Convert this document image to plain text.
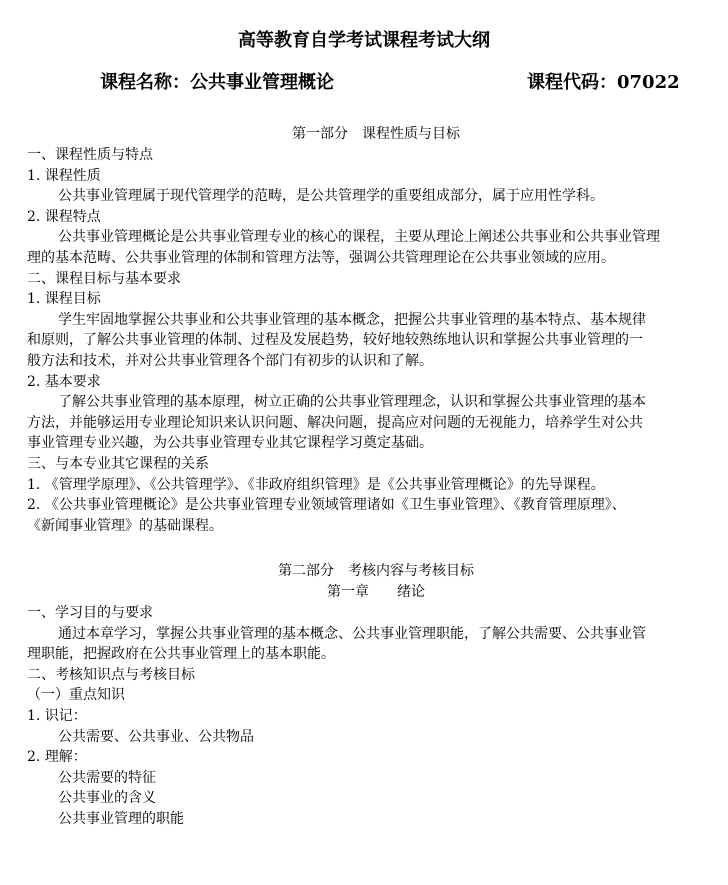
高等教育自学考试课程考试大纲
课程名称：公共事业管理概论	课程代码：07022
第一部分　课程性质与目标
一、课程性质与特点
1. 课程性质
公共事业管理属于现代管理学的范畴，是公共管理学的重要组成部分，属于应用性学科。
2. 课程特点
公共事业管理概论是公共事业管理专业的核心的课程，主要从理论上阐述公共事业和公共事业管理
理的基本范畴、公共事业管理的体制和管理方法等，强调公共管理理论在公共事业领域的应用。
二、课程目标与基本要求
1. 课程目标
学生牢固地掌握公共事业和公共事业管理的基本概念，把握公共事业管理的基本特点、基本规律
和原则，了解公共事业管理的体制、过程及发展趋势，较好地较熟练地认识和掌握公共事业管理的一
般方法和技术，并对公共事业管理各个部门有初步的认识和了解。
2. 基本要求
了解公共事业管理的基本原理，树立正确的公共事业管理理念，认识和掌握公共事业管理的基本
方法，并能够运用专业理论知识来认识问题、解决问题，提高应对问题的无视能力，培养学生对公共
事业管理专业兴趣，为公共事业管理专业其它课程学习奠定基础。
三、与本专业其它课程的关系
1. 《管理学原理》、《公共管理学》、《非政府组织管理》是《公共事业管理概论》的先导课程。
2. 《公共事业管理概论》是公共事业管理专业领域管理诸如《卫生事业管理》、《教育管理原理》、
《新闻事业管理》的基础课程。
第二部分　考核内容与考核目标
第一章　　绪论
一、学习目的与要求
通过本章学习，掌握公共事业管理的基本概念、公共事业管理职能，了解公共需要、公共事业管
理职能，把握政府在公共事业管理上的基本职能。
二、考核知识点与考核目标
（一）重点知识
1. 识记：
公共需要、公共事业、公共物品
2. 理解：
公共需要的特征
公共事业的含义
公共事业管理的职能
